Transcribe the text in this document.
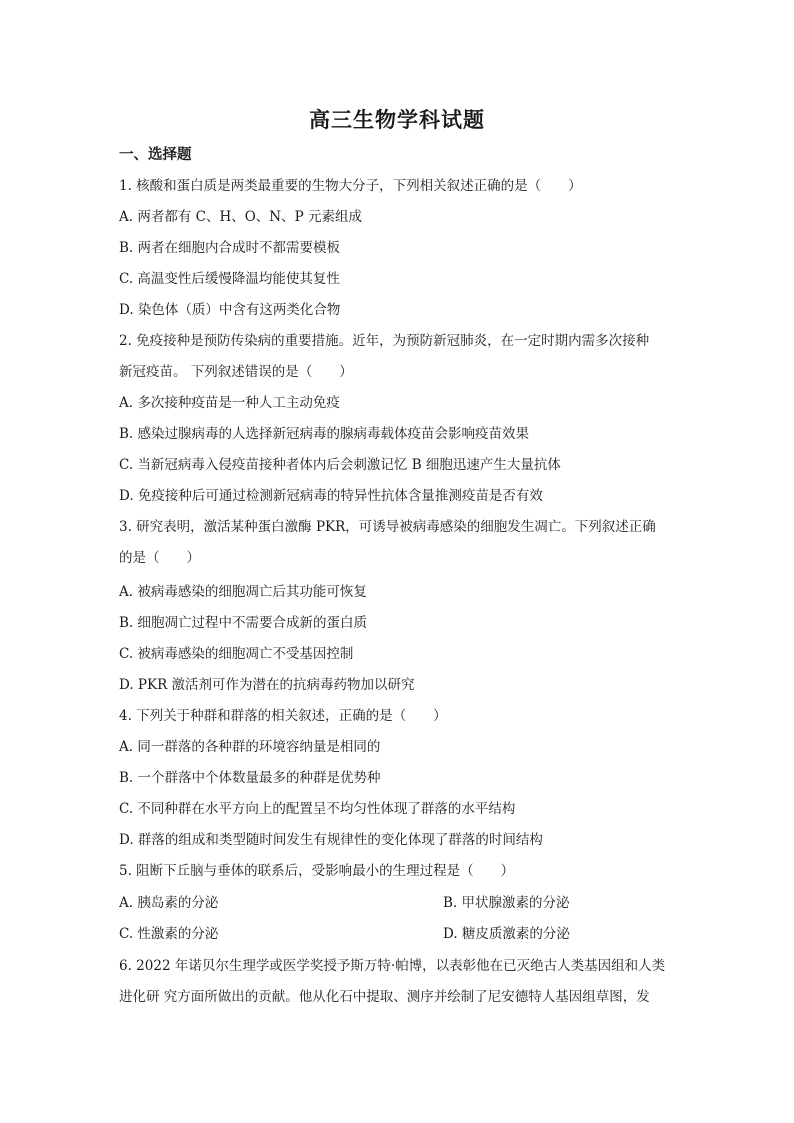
高三生物学科试题
一、选择题
1. 核酸和蛋白质是两类最重要的生物大分子，下列相关叙述正确的是（　　）
A. 两者都有 C、H、O、N、P 元素组成
B. 两者在细胞内合成时不都需要模板
C. 高温变性后缓慢降温均能使其复性
D. 染色体（质）中含有这两类化合物
2. 免疫接种是预防传染病的重要措施。近年，为预防新冠肺炎，在一定时期内需多次接种
新冠疫苗。 下列叙述错误的是（　　）
A. 多次接种疫苗是一种人工主动免疫
B. 感染过腺病毒的人选择新冠病毒的腺病毒载体疫苗会影响疫苗效果
C. 当新冠病毒入侵疫苗接种者体内后会刺激记忆 B 细胞迅速产生大量抗体
D. 免疫接种后可通过检测新冠病毒的特异性抗体含量推测疫苗是否有效
3. 研究表明，激活某种蛋白激酶 PKR，可诱导被病毒感染的细胞发生凋亡。下列叙述正确
的是（　　）
A. 被病毒感染的细胞凋亡后其功能可恢复
B. 细胞凋亡过程中不需要合成新的蛋白质
C. 被病毒感染的细胞凋亡不受基因控制
D. PKR 激活剂可作为潜在的抗病毒药物加以研究
4. 下列关于种群和群落的相关叙述，正确的是（　　）
A. 同一群落的各种群的环境容纳量是相同的
B. 一个群落中个体数量最多的种群是优势种
C. 不同种群在水平方向上的配置呈不均匀性体现了群落的水平结构
D. 群落的组成和类型随时间发生有规律性的变化体现了群落的时间结构
5. 阻断下丘脑与垂体的联系后，受影响最小的生理过程是（　　）
A. 胰岛素的分泌	B. 甲状腺激素的分泌
C. 性激素的分泌	D. 糖皮质激素的分泌
6. 2022 年诺贝尔生理学或医学奖授予斯万特·帕博，以表彰他在已灭绝古人类基因组和人类
进化研 究方面所做出的贡献。他从化石中提取、测序并绘制了尼安德特人基因组草图，发
